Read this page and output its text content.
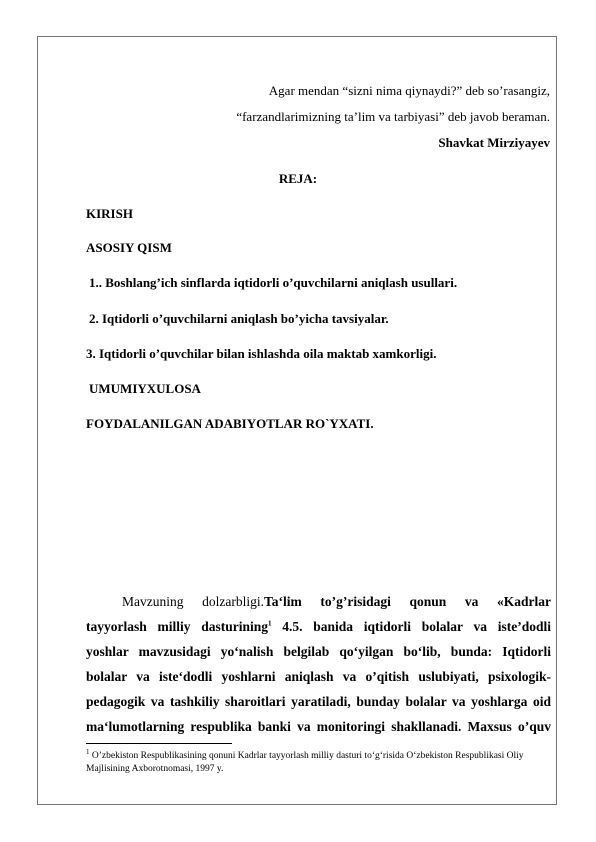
Agar mendan “sizni nima qiynaydi?” deb so’rasangiz,
“farzandlarimizning ta’lim va tarbiyasi” deb javob beraman.
Shavkat Mirziyayev
REJA:
KIRISH
ASOSIY QISM
1.. Boshlang’ich sinflarda iqtidorli o’quvchilarni aniqlash usullari.
2. Iqtidorli o’quvchilarni aniqlash bo’yicha tavsiyalar.
3. Iqtidorli o’quvchilar bilan ishlashda oila maktab xamkorligi.
UMUMIYXULOSA
FOYDALANILGAN ADABIYOTLAR RO`YXATI.
Mavzuning dolzarbligi.Ta‘lim to’g’risidagi qonun va «Kadrlar
tayyorlash milliy dasturining$^1$ 4.5. banida iqtidorli bolalar va iste’dodli
yoshlar mavzusidagi yo‘nalish belgilab qo‘yilgan bo‘lib, bunda: Iqtidorli
bolalar va iste‘dodli yoshlarni aniqlash va o’qitish uslubiyati, psixologik-
pedagogik va tashkiliy sharoitlari yaratiladi, bunday bolalar va yoshlarga oid
ma‘lumotlarning respublika banki va monitoringi shakllanadi. Maxsus o’quv
$^1$ O’zbekiston Respublikasining qonuni Kadrlar tayyorlash milliy dasturi to‘g‘risida O‘zbekiston Respublikasi Oliy Majlisining Axborotnomasi, 1997 y.
